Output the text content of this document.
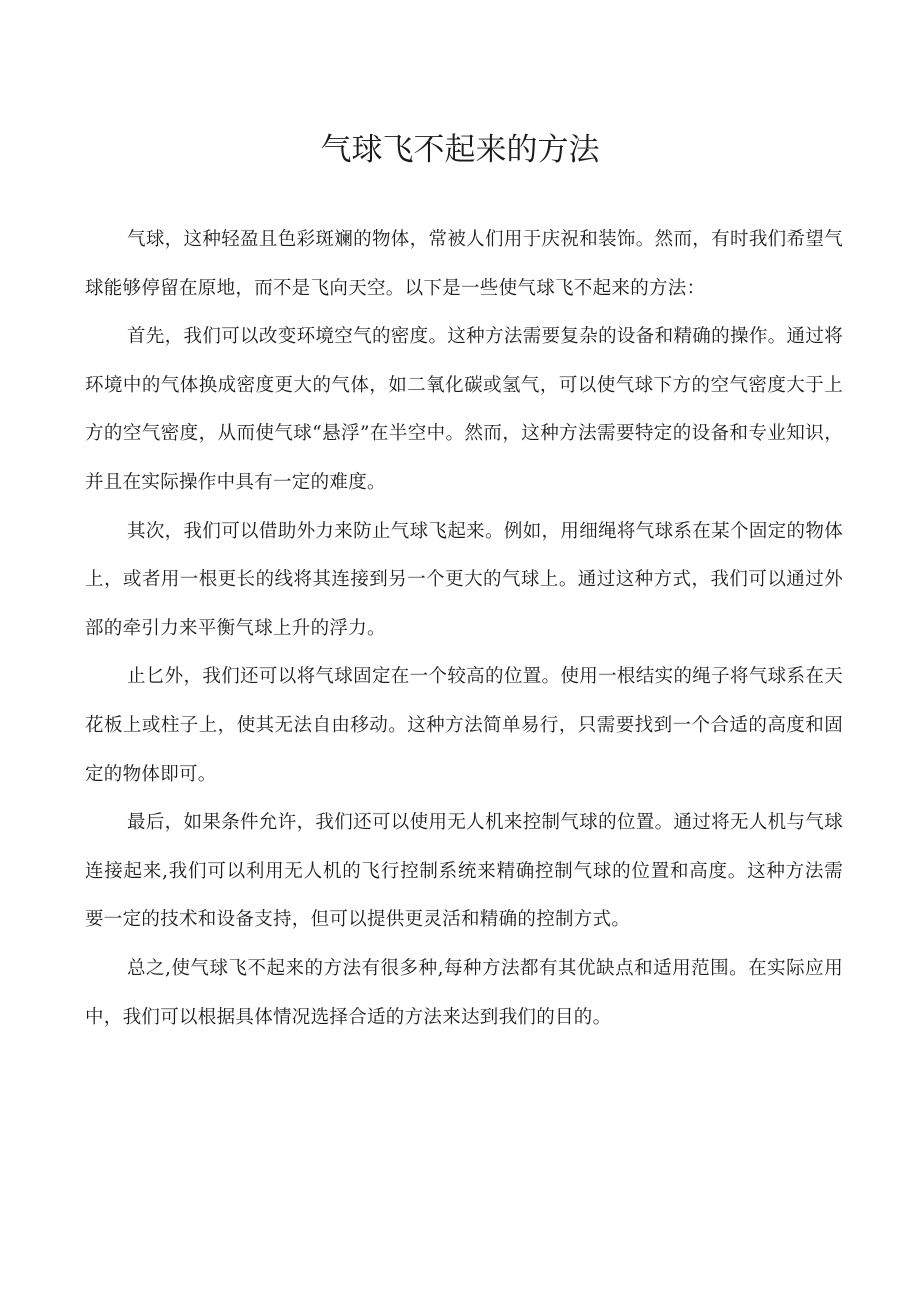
气球飞不起来的方法

气球，这种轻盈且色彩斑斓的物体，常被人们用于庆祝和装饰。然而，有时我们希望气球能够停留在原地，而不是飞向天空。以下是一些使气球飞不起来的方法：

首先，我们可以改变环境空气的密度。这种方法需要复杂的设备和精确的操作。通过将环境中的气体换成密度更大的气体，如二氧化碳或氢气，可以使气球下方的空气密度大于上方的空气密度，从而使气球“悬浮”在半空中。然而，这种方法需要特定的设备和专业知识，并且在实际操作中具有一定的难度。

其次，我们可以借助外力来防止气球飞起来。例如，用细绳将气球系在某个固定的物体上，或者用一根更长的线将其连接到另一个更大的气球上。通过这种方式，我们可以通过外部的牵引力来平衡气球上升的浮力。

止匕外，我们还可以将气球固定在一个较高的位置。使用一根结实的绳子将气球系在天花板上或柱子上，使其无法自由移动。这种方法简单易行，只需要找到一个合适的高度和固定的物体即可。

最后，如果条件允许，我们还可以使用无人机来控制气球的位置。通过将无人机与气球连接起来,我们可以利用无人机的飞行控制系统来精确控制气球的位置和高度。这种方法需要一定的技术和设备支持，但可以提供更灵活和精确的控制方式。

总之,使气球飞不起来的方法有很多种,每种方法都有其优缺点和适用范围。在实际应用中，我们可以根据具体情况选择合适的方法来达到我们的目的。
